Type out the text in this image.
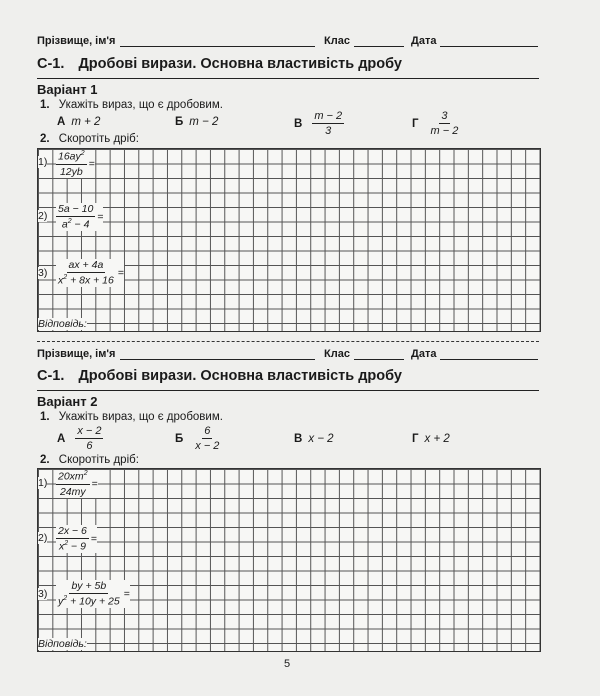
Прізвище, ім'я	Клас	Дата
С-1. Дробові вирази. Основна властивість дробу
Варіант 1
1. Укажіть вираз, що є дробовим.
А m + 2	Б m − 2	В $\frac{m - 2}{3}$	Г $\frac{3}{m - 2}$
2. Скоротіть дріб:
$1) \frac{16ay^2}{12yb}$ =
$2) \frac{5a - 10}{a^2 - 4}$ =
$3) \frac{ax + 4a}{x^2 + 8x + 16}$ =
Відповідь:
Прізвище, ім'я	Клас	Дата
С-1. Дробові вирази. Основна властивість дробу
Варіант 2
1. Укажіть вираз, що є дробовим.
А $\frac{x - 2}{6}$	Б $\frac{6}{x - 2}$	В x − 2	Г x + 2
2. Скоротіть дріб:
$1) \frac{20xm^2}{24my}$ =
$2) \frac{2x - 6}{x^2 - 9}$ =
$3) \frac{by + 5b}{y^2 + 10y + 25}$ =
Відповідь:
5
